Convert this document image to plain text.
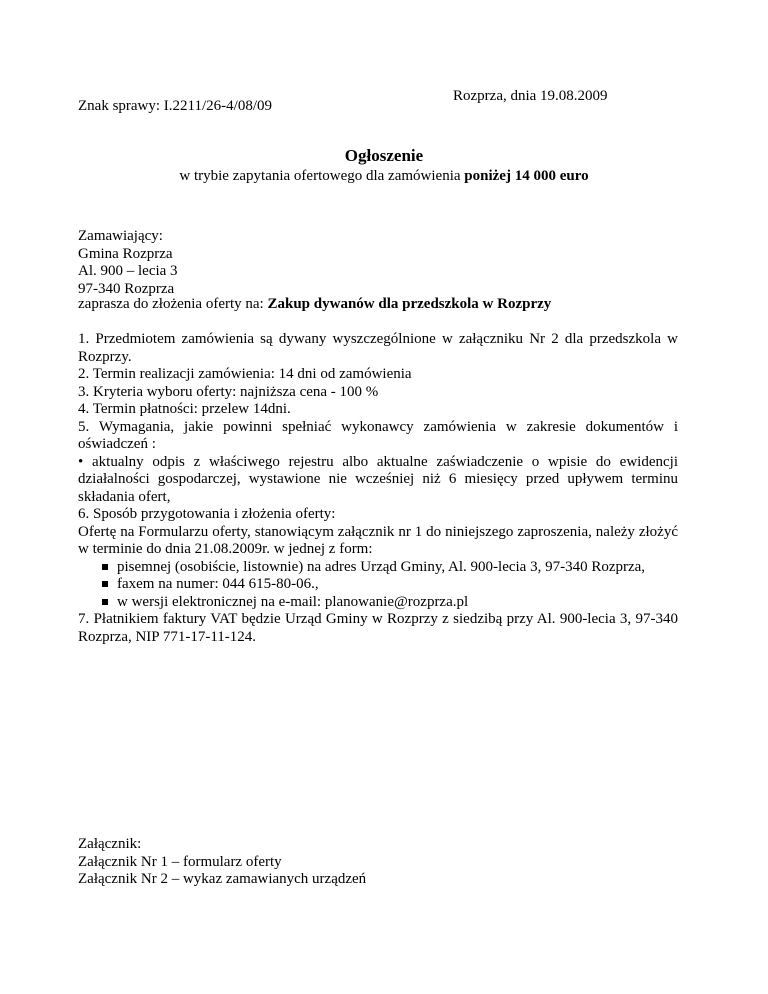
Rozprza, dnia 19.08.2009
Znak sprawy: I.2211/26-4/08/09
Ogłoszenie
w trybie zapytania ofertowego dla zamówienia poniżej 14 000 euro
Zamawiający:
Gmina Rozprza
Al. 900 – lecia 3
97-340 Rozprza
zaprasza do złożenia oferty na: Zakup dywanów dla przedszkola w Rozprzy

1. Przedmiotem zamówienia są dywany wyszczególnione w załączniku Nr 2 dla przedszkola w Rozprzy.

2. Termin realizacji zamówienia: 14 dni od zamówienia

3. Kryteria wyboru oferty: najniższa cena - 100 %

4. Termin płatności: przelew 14dni.

5. Wymagania, jakie powinni spełniać wykonawcy zamówienia w zakresie dokumentów i oświadczeń :

• aktualny odpis z właściwego rejestru albo aktualne zaświadczenie o wpisie do ewidencji działalności gospodarczej, wystawione nie wcześniej niż 6 miesięcy przed upływem terminu składania ofert,

6. Sposób przygotowania i złożenia oferty:

Ofertę na Formularzu oferty, stanowiącym załącznik nr 1 do niniejszego zaproszenia, należy złożyć w terminie do dnia 21.08.2009r. w jednej z form:

pisemnej (osobiście, listownie) na adres Urząd Gminy, Al. 900-lecia 3, 97-340 Rozprza,
faxem na numer: 044 615-80-06.,
w wersji elektronicznej na e-mail: planowanie@rozprza.pl

7. Płatnikiem faktury VAT będzie Urząd Gminy w Rozprzy z siedzibą przy Al. 900-lecia 3, 97-340 Rozprza, NIP 771-17-11-124.

Załącznik:
Załącznik Nr 1 – formularz oferty
Załącznik Nr 2 – wykaz zamawianych urządzeń
